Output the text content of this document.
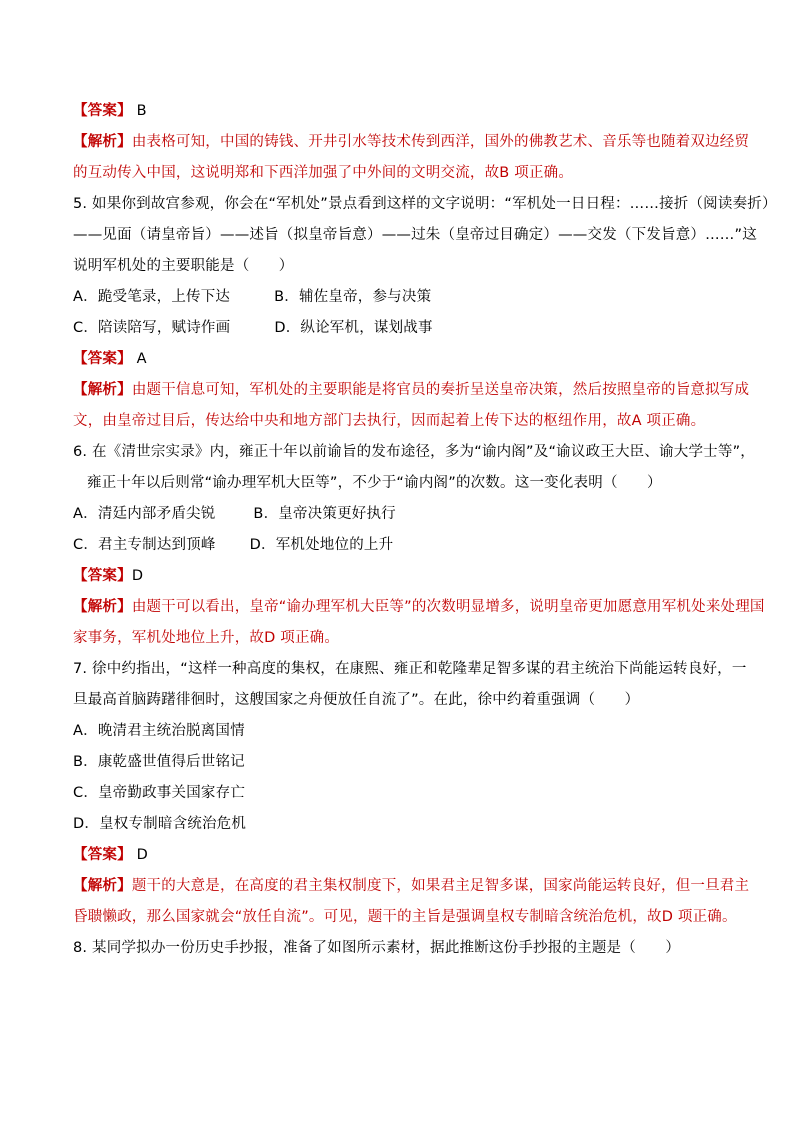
【答案】 B
【解析】由表格可知，中国的铸钱、开井引水等技术传到西洋，国外的佛教艺术、音乐等也随着双边经贸
的互动传入中国，这说明郑和下西洋加强了中外间的文明交流，故B 项正确。
5. 如果你到故宫参观，你会在“军机处”景点看到这样的文字说明：“军机处一日日程：……接折（阅读奏折）
——见面（请皇帝旨）——述旨（拟皇帝旨意）——过朱（皇帝过目确定）——交发（下发旨意）……”这
说明军机处的主要职能是（　　）
A．跪受笔录，上传下达	B．辅佐皇帝，参与决策
C．陪读陪写，赋诗作画	D．纵论军机，谋划战事
【答案】 A
【解析】由题干信息可知，军机处的主要职能是将官员的奏折呈送皇帝决策，然后按照皇帝的旨意拟写成
文，由皇帝过目后，传达给中央和地方部门去执行，因而起着上传下达的枢纽作用，故A 项正确。
6. 在《清世宗实录》内，雍正十年以前谕旨的发布途径，多为“谕内阁”及“谕议政王大臣、谕大学士等”，
雍正十年以后则常“谕办理军机大臣等”，不少于“谕内阁”的次数。这一变化表明（　　）
A．清廷内部矛盾尖锐	B．皇帝决策更好执行
C．君主专制达到顶峰 D．军机处地位的上升
【答案】D
【解析】由题干可以看出，皇帝“谕办理军机大臣等”的次数明显增多，说明皇帝更加愿意用军机处来处理国
家事务，军机处地位上升，故D 项正确。
7. 徐中约指出，“这样一种高度的集权，在康熙、雍正和乾隆辈足智多谋的君主统治下尚能运转良好，一
旦最高首脑踌躇徘徊时，这艘国家之舟便放任自流了”。在此，徐中约着重强调（　　）
A．晚清君主统治脱离国情
B．康乾盛世值得后世铭记
C．皇帝勤政事关国家存亡
D．皇权专制暗含统治危机
【答案】 D
【解析】题干的大意是，在高度的君主集权制度下，如果君主足智多谋，国家尚能运转良好，但一旦君主
昏聩懒政，那么国家就会“放任自流”。可见，题干的主旨是强调皇权专制暗含统治危机，故D 项正确。
8. 某同学拟办一份历史手抄报，准备了如图所示素材，据此推断这份手抄报的主题是（　　）
